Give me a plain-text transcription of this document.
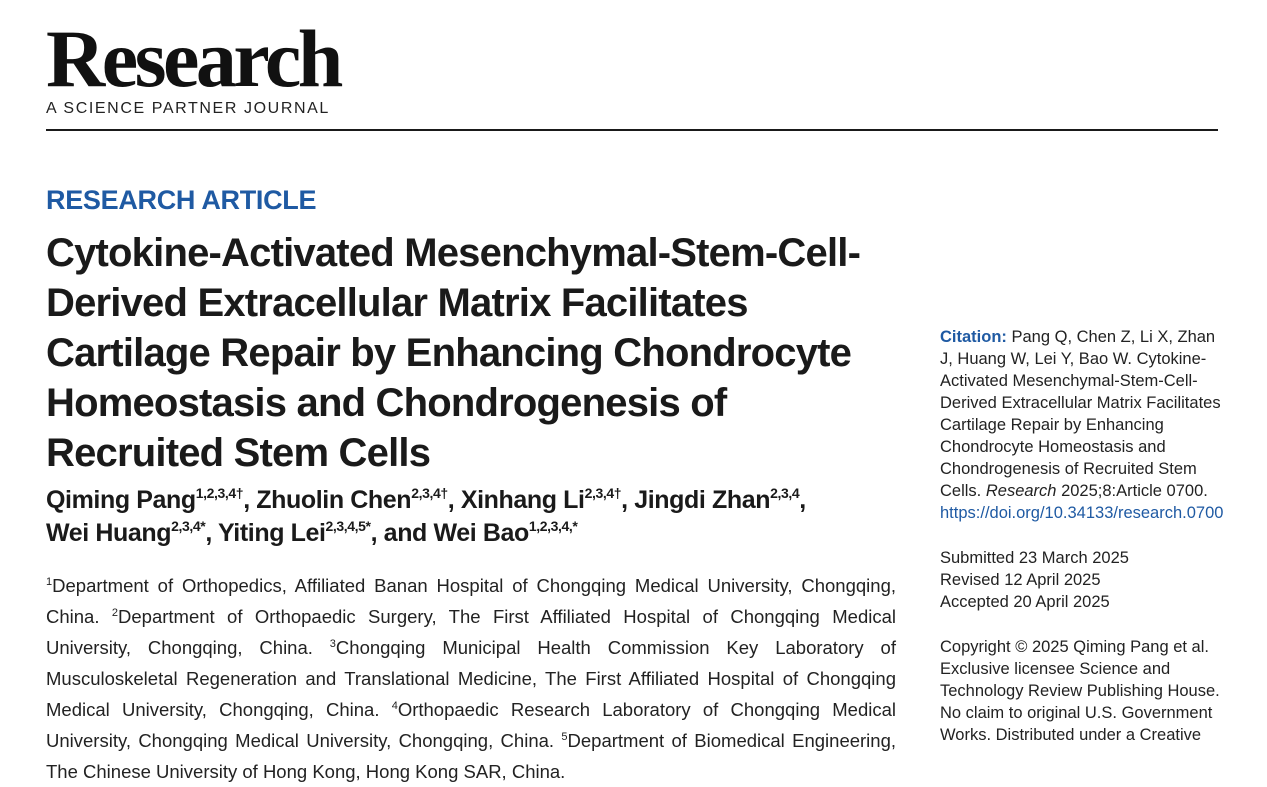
Research
A SCIENCE PARTNER JOURNAL
RESEARCH ARTICLE
Cytokine-Activated Mesenchymal-Stem-Cell-Derived Extracellular Matrix Facilitates Cartilage Repair by Enhancing Chondrocyte Homeostasis and Chondrogenesis of Recruited Stem Cells
Qiming Pang$^{1,2,3,4\dagger}$, Zhuolin Chen$^{2,3,4\dagger}$, Xinhang $Li^{2,3,4\dagger}$, Jingdi Zhan$^{2,3,4}$,
Wei Huang$^{2,3,4*}$, Yiting Lei$^{2,3,4,5*}$, and Wei Bao$^{1,2,3,4,*}$
$^1$Department of Orthopedics, Affiliated Banan Hospital of Chongqing Medical University, Chongqing, China. $^2$Department of Orthopaedic Surgery, The First Affiliated Hospital of Chongqing Medical University, Chongqing, China. $^3$Chongqing Municipal Health Commission Key Laboratory of Musculoskeletal Regeneration and Translational Medicine, The First Affiliated Hospital of Chongqing Medical University, Chongqing, China. $^4$Orthopaedic Research Laboratory of Chongqing Medical University, Chongqing Medical University, Chongqing, China. $^5$Department of Biomedical Engineering, The Chinese University of Hong Kong, Hong Kong SAR, China.
Citation: Pang Q, Chen Z, Li X, Zhan J, Huang W, Lei Y, Bao W. Cytokine-Activated Mesenchymal-Stem-Cell-Derived Extracellular Matrix Facilitates Cartilage Repair by Enhancing Chondrocyte Homeostasis and Chondrogenesis of Recruited Stem Cells. Research 2025;8:Article 0700. https://doi.org/10.34133/research.0700
Submitted 23 March 2025
Revised 12 April 2025
Accepted 20 April 2025
Copyright © 2025 Qiming Pang et al. Exclusive licensee Science and Technology Review Publishing House. No claim to original U.S. Government Works. Distributed under a Creative
